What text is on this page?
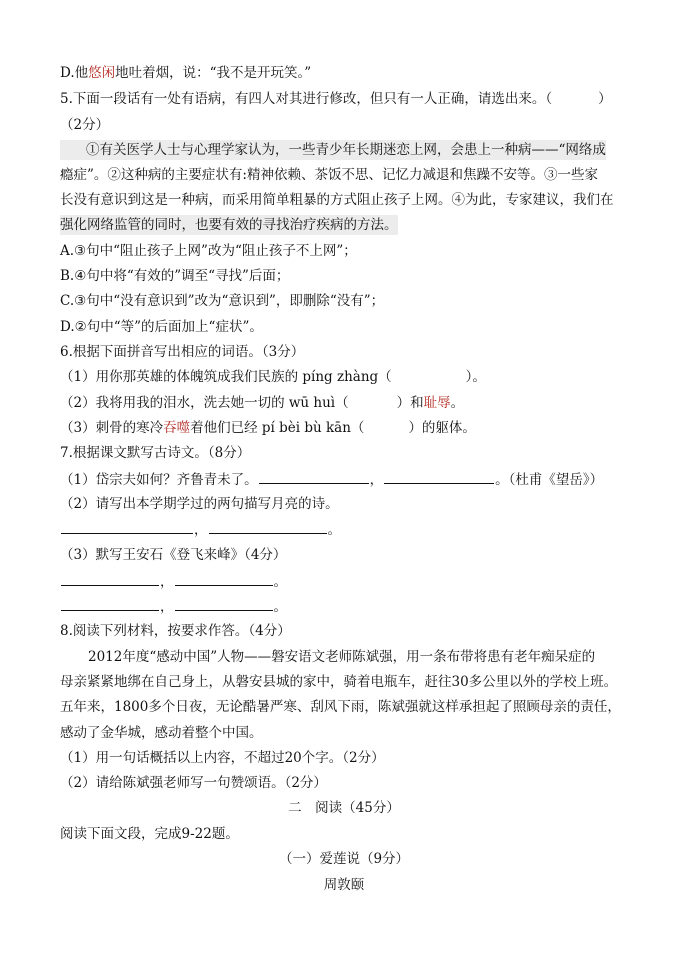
D.他悠闲地吐着烟，说：“我不是开玩笑。”
5.下面一段话有一处有语病，有四人对其进行修改，但只有一人正确，请选出来。（	）
（2分）
①有关医学人士与心理学家认为，一些青少年长期迷恋上网，会患上一种病——“网络成
瘾症”。②这种病的主要症状有:精神依赖、茶饭不思、记忆力减退和焦躁不安等。③一些家
长没有意识到这是一种病，而采用简单粗暴的方式阻止孩子上网。④为此，专家建议，我们在
强化网络监管的同时，也要有效的寻找治疗疾病的方法。
A.③句中“阻止孩子上网”改为“阻止孩子不上网”；
B.④句中将“有效的”调至“寻找”后面；
C.③句中“没有意识到”改为“意识到”，即删除“没有”；
D.②句中“等”的后面加上“症状”。
6.根据下面拼音写出相应的词语。（3分）
（1）用你那英雄的体魄筑成我们民族的 píng zhàng（	）。
（2）我将用我的泪水，洗去她一切的 wū huì（	）和耻辱。
（3）刺骨的寒冷吞噬着他们已经 pí bèi bù kān（	）的躯体。
7.根据课文默写古诗文。（8分）
（1）岱宗夫如何？齐鲁青未了。	，	。（杜甫《望岳》）
（2）请写出本学期学过的两句描写月亮的诗。
，	。
（3）默写王安石《登飞来峰》（4分）
，	。
，	。
8.阅读下列材料，按要求作答。（4分）
2012年度“感动中国”人物——磐安语文老师陈斌强，用一条布带将患有老年痴呆症的
母亲紧紧地绑在自己身上，从磐安县城的家中，骑着电瓶车，赶往30多公里以外的学校上班。
五年来，1800多个日夜，无论酷暑严寒、刮风下雨，陈斌强就这样承担起了照顾母亲的责任，
感动了金华城，感动着整个中国。
（1）用一句话概括以上内容，不超过20个字。（2分）
（2）请给陈斌强老师写一句赞颂语。（2分）
二　阅读（45分）
阅读下面文段，完成9-22题。
（一）爱莲说（9分）
周敦颐
